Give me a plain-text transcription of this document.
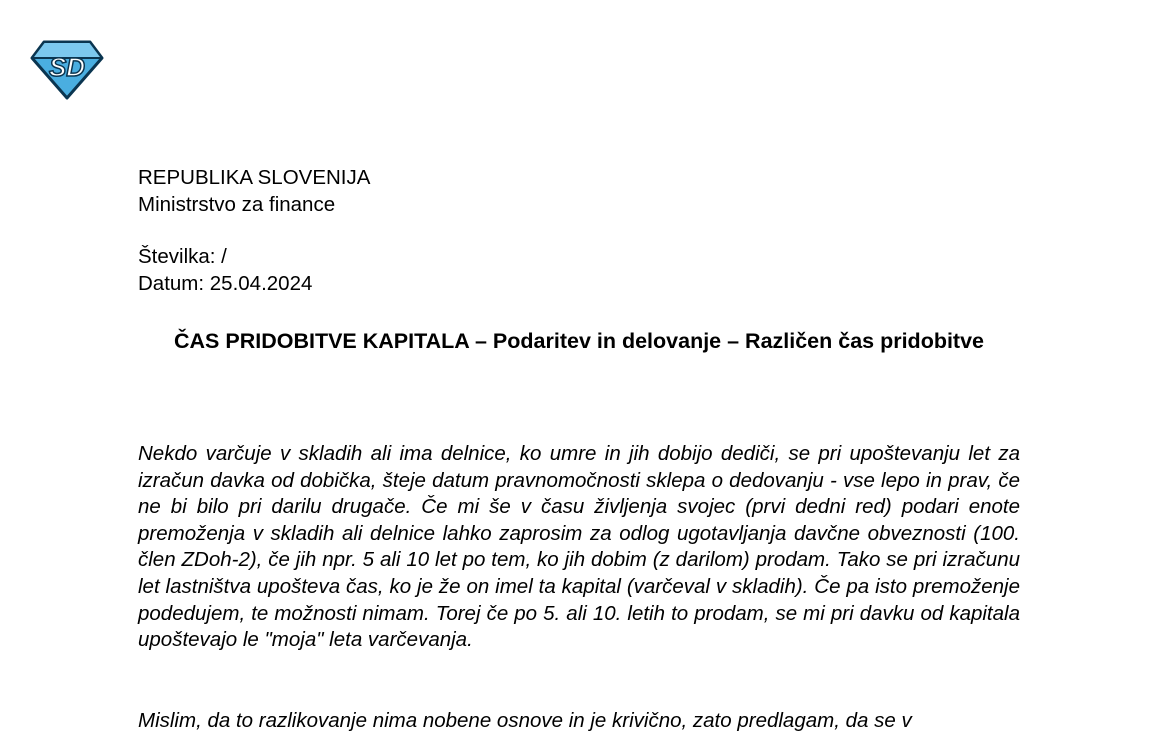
SD
REPUBLIKA SLOVENIJA
Ministrstvo za finance
Številka: /
Datum: 25.04.2024
ČAS PRIDOBITVE KAPITALA – Podaritev in delovanje – Različen čas pridobitve

Nekdo varčuje v skladih ali ima delnice, ko umre in jih dobijo dediči, se pri upoštevanju let za izračun davka od dobička, šteje datum pravnomočnosti sklepa o dedovanju - vse lepo in prav, če ne bi bilo pri darilu drugače. Če mi še v času življenja svojec (prvi dedni red) podari enote premoženja v skladih ali delnice lahko zaprosim za odlog ugotavljanja davčne obveznosti (100. člen ZDoh-2), če jih npr. 5 ali 10 let po tem, ko jih dobim (z darilom) prodam. Tako se pri izračunu let lastništva upošteva čas, ko je že on imel ta kapital (varčeval v skladih). Če pa isto premoženje podedujem, te možnosti nimam. Torej če po 5. ali 10. letih to prodam, se mi pri davku od kapitala upoštevajo le "moja" leta varčevanja.

Mislim, da to razlikovanje nima nobene osnove in je krivično, zato predlagam, da se v
